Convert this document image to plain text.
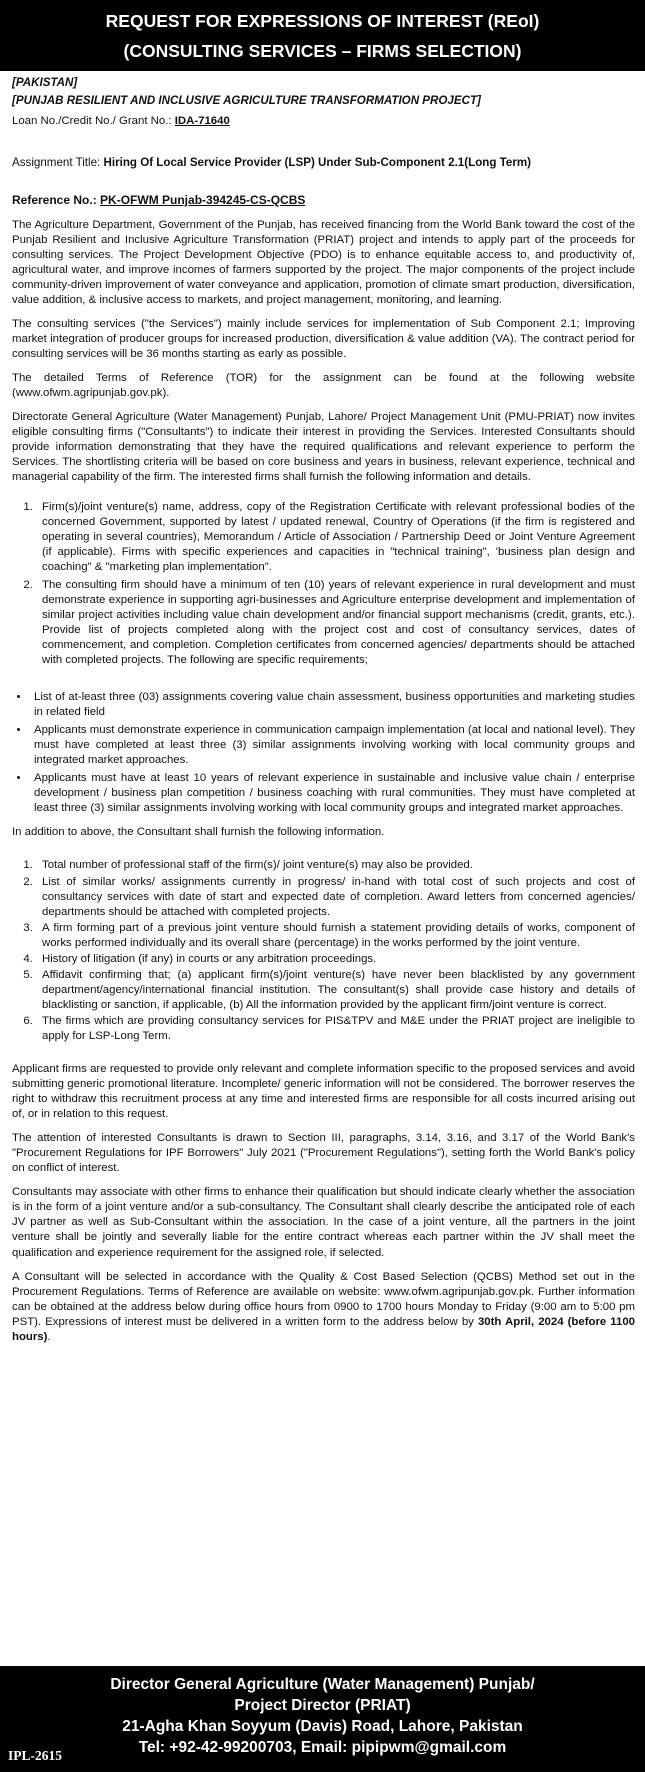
REQUEST FOR EXPRESSIONS OF INTEREST (REoI)
(CONSULTING SERVICES – FIRMS SELECTION)
[PAKISTAN]
[PUNJAB RESILIENT AND INCLUSIVE AGRICULTURE TRANSFORMATION PROJECT]
Loan No./Credit No./ Grant No.: IDA-71640
Assignment Title: Hiring Of Local Service Provider (LSP) Under Sub-Component 2.1(Long Term)
Reference No.: PK-OFWM Punjab-394245-CS-QCBS

The Agriculture Department, Government of the Punjab, has received financing from the World Bank toward the cost of the Punjab Resilient and Inclusive Agriculture Transformation (PRIAT) project and intends to apply part of the proceeds for consulting services. The Project Development Objective (PDO) is to enhance equitable access to, and productivity of, agricultural water, and improve incomes of farmers supported by the project. The major components of the project include community-driven improvement of water conveyance and application, promotion of climate smart production, diversification, value addition, & inclusive access to markets, and project management, monitoring, and learning.

The consulting services ("the Services") mainly include services for implementation of Sub Component 2.1; Improving market integration of producer groups for increased production, diversification & value addition (VA). The contract period for consulting services will be 36 months starting as early as possible.

The detailed Terms of Reference (TOR) for the assignment can be found at the following website (www.ofwm.agripunjab.gov.pk).

Directorate General Agriculture (Water Management) Punjab, Lahore/ Project Management Unit (PMU-PRIAT) now invites eligible consulting firms ("Consultants") to indicate their interest in providing the Services. Interested Consultants should provide information demonstrating that they have the required qualifications and relevant experience to perform the Services. The shortlisting criteria will be based on core business and years in business, relevant experience, technical and managerial capability of the firm. The interested firms shall furnish the following information and details.

1. Firm(s)/joint venture(s) name, address, copy of the Registration Certificate with relevant professional bodies of the concerned Government, supported by latest / updated renewal, Country of Operations (if the firm is registered and operating in several countries), Memorandum / Article of Association / Partnership Deed or Joint Venture Agreement (if applicable). Firms with specific experiences and capacities in "technical training", 'business plan design and coaching" & "marketing plan implementation".
2. The consulting firm should have a minimum of ten (10) years of relevant experience in rural development and must demonstrate experience in supporting agri-businesses and Agriculture enterprise development and implementation of similar project activities including value chain development and/or financial support mechanisms (credit, grants, etc.). Provide list of projects completed along with the project cost and cost of consultancy services, dates of commencement, and completion. Completion certificates from concerned agencies/ departments should be attached with completed projects. The following are specific requirements;
• List of at-least three (03) assignments covering value chain assessment, business opportunities and marketing studies in related field
• Applicants must demonstrate experience in communication campaign implementation (at local and national level). They must have completed at least three (3) similar assignments involving working with local community groups and integrated market approaches.
• Applicants must have at least 10 years of relevant experience in sustainable and inclusive value chain / enterprise development / business plan competition / business coaching with rural communities. They must have completed at least three (3) similar assignments involving working with local community groups and integrated market approaches.

In addition to above, the Consultant shall furnish the following information.

1. Total number of professional staff of the firm(s)/ joint venture(s) may also be provided.
2. List of similar works/ assignments currently in progress/ in-hand with total cost of such projects and cost of consultancy services with date of start and expected date of completion. Award letters from concerned agencies/ departments should be attached with completed projects.
3. A firm forming part of a previous joint venture should furnish a statement providing details of works, component of works performed individually and its overall share (percentage) in the works performed by the joint venture.
4. History of litigation (if any) in courts or any arbitration proceedings.
5. Affidavit confirming that; (a) applicant firm(s)/joint venture(s) have never been blacklisted by any government department/agency/international financial institution. The consultant(s) shall provide case history and details of blacklisting or sanction, if applicable, (b) All the information provided by the applicant firm/joint venture is correct.
6. The firms which are providing consultancy services for PIS&TPV and M&E under the PRIAT project are ineligible to apply for LSP-Long Term.

Applicant firms are requested to provide only relevant and complete information specific to the proposed services and avoid submitting generic promotional literature. Incomplete/ generic information will not be considered. The borrower reserves the right to withdraw this recruitment process at any time and interested firms are responsible for all costs incurred arising out of, or in relation to this request.

The attention of interested Consultants is drawn to Section III, paragraphs, 3.14, 3.16, and 3.17 of the World Bank's "Procurement Regulations for IPF Borrowers" July 2021 ("Procurement Regulations"), setting forth the World Bank's policy on conflict of interest.

Consultants may associate with other firms to enhance their qualification but should indicate clearly whether the association is in the form of a joint venture and/or a sub-consultancy. The Consultant shall clearly describe the anticipated role of each JV partner as well as Sub-Consultant within the association. In the case of a joint venture, all the partners in the joint venture shall be jointly and severally liable for the entire contract whereas each partner within the JV shall meet the qualification and experience requirement for the assigned role, if selected.

A Consultant will be selected in accordance with the Quality & Cost Based Selection (QCBS) Method set out in the Procurement Regulations. Terms of Reference are available on website: www.ofwm.agripunjab.gov.pk. Further information can be obtained at the address below during office hours from 0900 to 1700 hours Monday to Friday (9:00 am to 5:00 pm PST). Expressions of interest must be delivered in a written form to the address below by 30th April, 2024 (before 1100 hours).

Director General Agriculture (Water Management) Punjab/
Project Director (PRIAT)
21-Agha Khan Soyyum (Davis) Road, Lahore, Pakistan
Tel: +92-42-99200703, Email: pipipwm@gmail.com
IPL-2615
